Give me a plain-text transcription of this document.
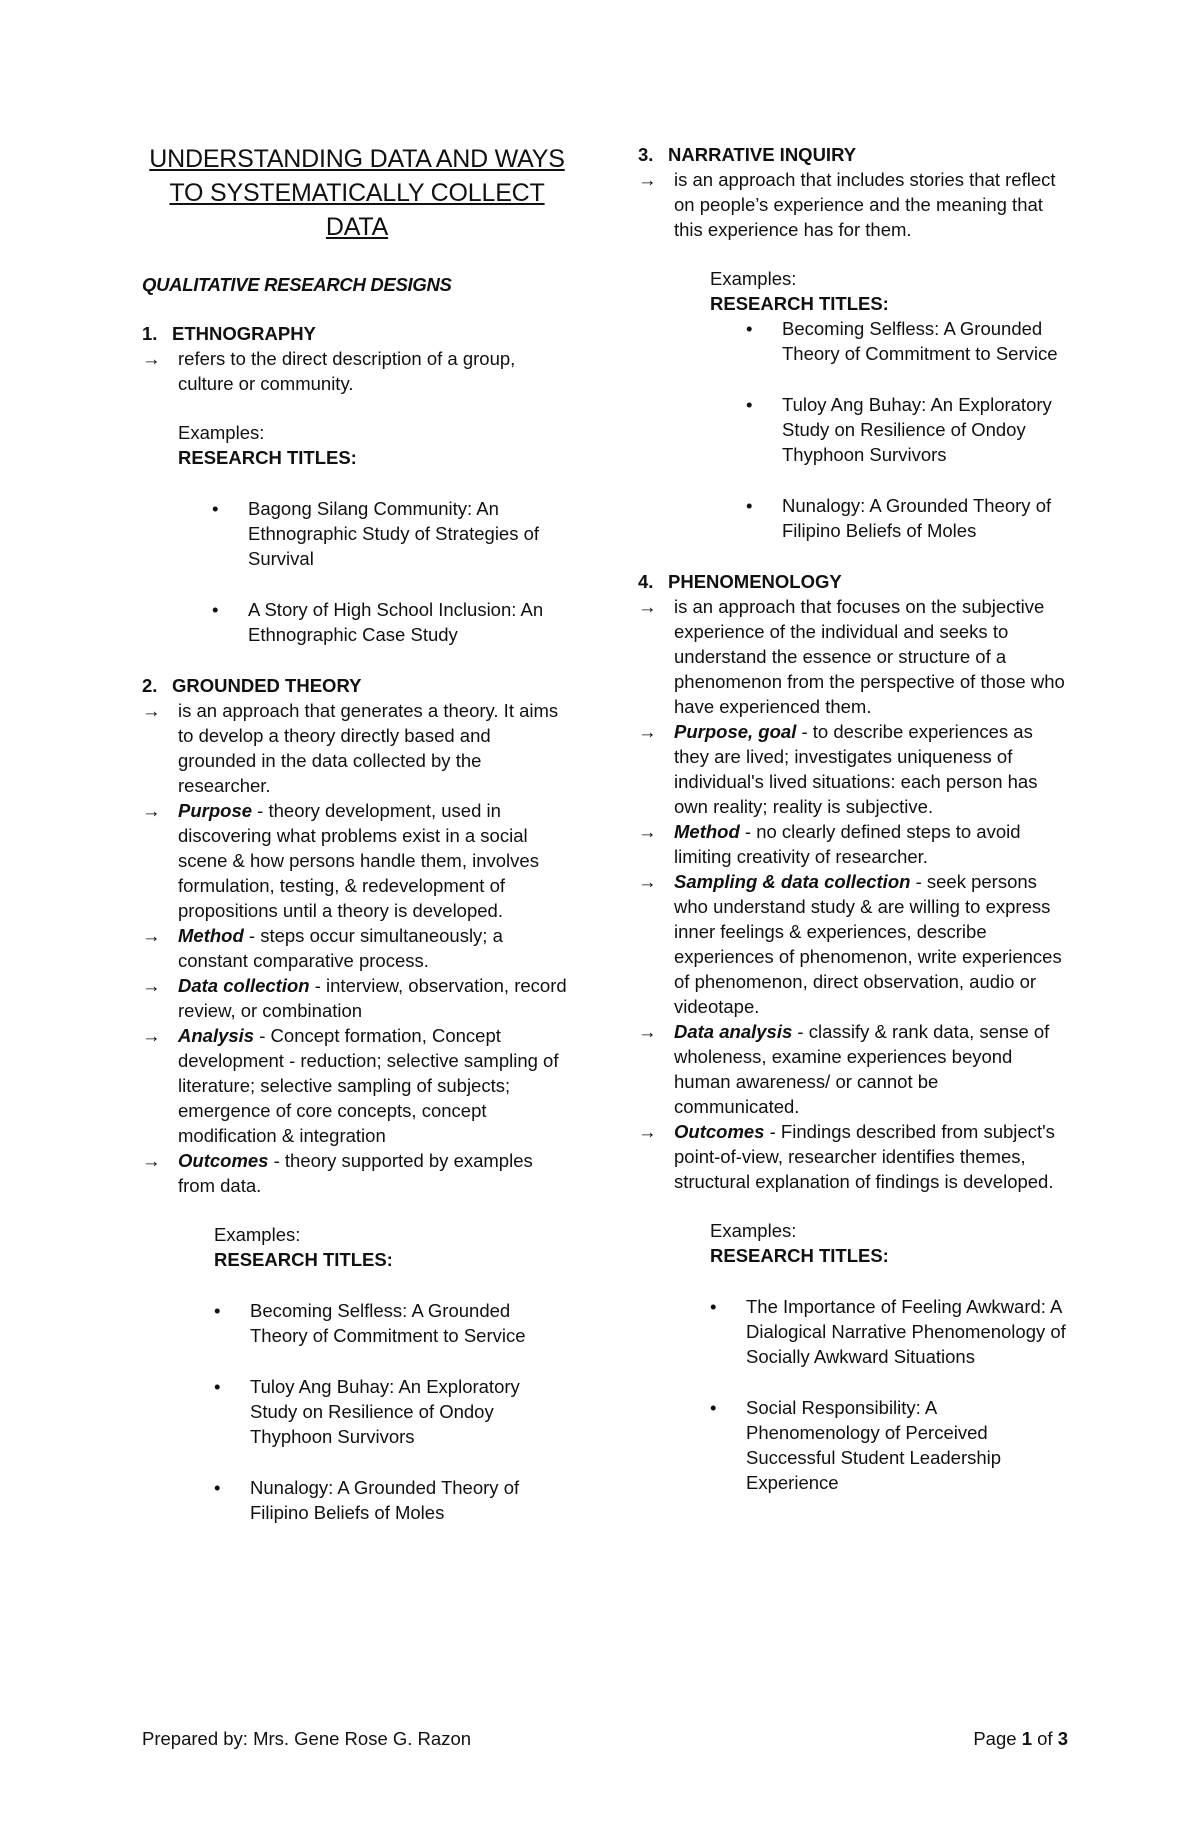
UNDERSTANDING DATA AND WAYS
TO SYSTEMATICALLY COLLECT DATA

QUALITATIVE RESEARCH DESIGNS

1. ETHNOGRAPHY

→ refers to the direct description of a group, culture or community.

Examples:

RESEARCH TITLES:

• Bagong Silang Community: An Ethnographic Study of Strategies of Survival
• A Story of High School Inclusion: An Ethnographic Case Study

2. GROUNDED THEORY

→ is an approach that generates a theory. It aims to develop a theory directly based and grounded in the data collected by the researcher.
→ Purpose - theory development, used in discovering what problems exist in a social scene & how persons handle them, involves formulation, testing, & redevelopment of propositions until a theory is developed.
→ Method - steps occur simultaneously; a constant comparative process.
→ Data collection - interview, observation, record review, or combination
→ Analysis - Concept formation, Concept development - reduction; selective sampling of literature; selective sampling of subjects; emergence of core concepts, concept modification & integration
→ Outcomes - theory supported by examples from data.

Examples:

RESEARCH TITLES:

• Becoming Selfless: A Grounded Theory of Commitment to Service
• Tuloy Ang Buhay: An Exploratory Study on Resilience of Ondoy Thyphoon Survivors
• Nunalogy: A Grounded Theory of Filipino Beliefs of Moles

3. NARRATIVE INQUIRY

→ is an approach that includes stories that reflect on people’s experience and the meaning that this experience has for them.

Examples:

RESEARCH TITLES:

• Becoming Selfless: A Grounded Theory of Commitment to Service
• Tuloy Ang Buhay: An Exploratory Study on Resilience of Ondoy Thyphoon Survivors
• Nunalogy: A Grounded Theory of Filipino Beliefs of Moles

4. PHENOMENOLOGY

→ is an approach that focuses on the subjective experience of the individual and seeks to understand the essence or structure of a phenomenon from the perspective of those who have experienced them.
→ Purpose, goal - to describe experiences as they are lived; investigates uniqueness of individual's lived situations: each person has own reality; reality is subjective.
→ Method - no clearly defined steps to avoid limiting creativity of researcher.
→ Sampling & data collection - seek persons who understand study & are willing to express inner feelings & experiences, describe experiences of phenomenon, write experiences of phenomenon, direct observation, audio or videotape.
→ Data analysis - classify & rank data, sense of wholeness, examine experiences beyond human awareness/ or cannot be communicated.
→ Outcomes - Findings described from subject's point-of-view, researcher identifies themes, structural explanation of findings is developed.

Examples:

RESEARCH TITLES:

• The Importance of Feeling Awkward: A Dialogical Narrative Phenomenology of Socially Awkward Situations
• Social Responsibility: A Phenomenology of Perceived Successful Student Leadership Experience
Prepared by: Mrs. Gene Rose G. Razon	Page 1 of 3
